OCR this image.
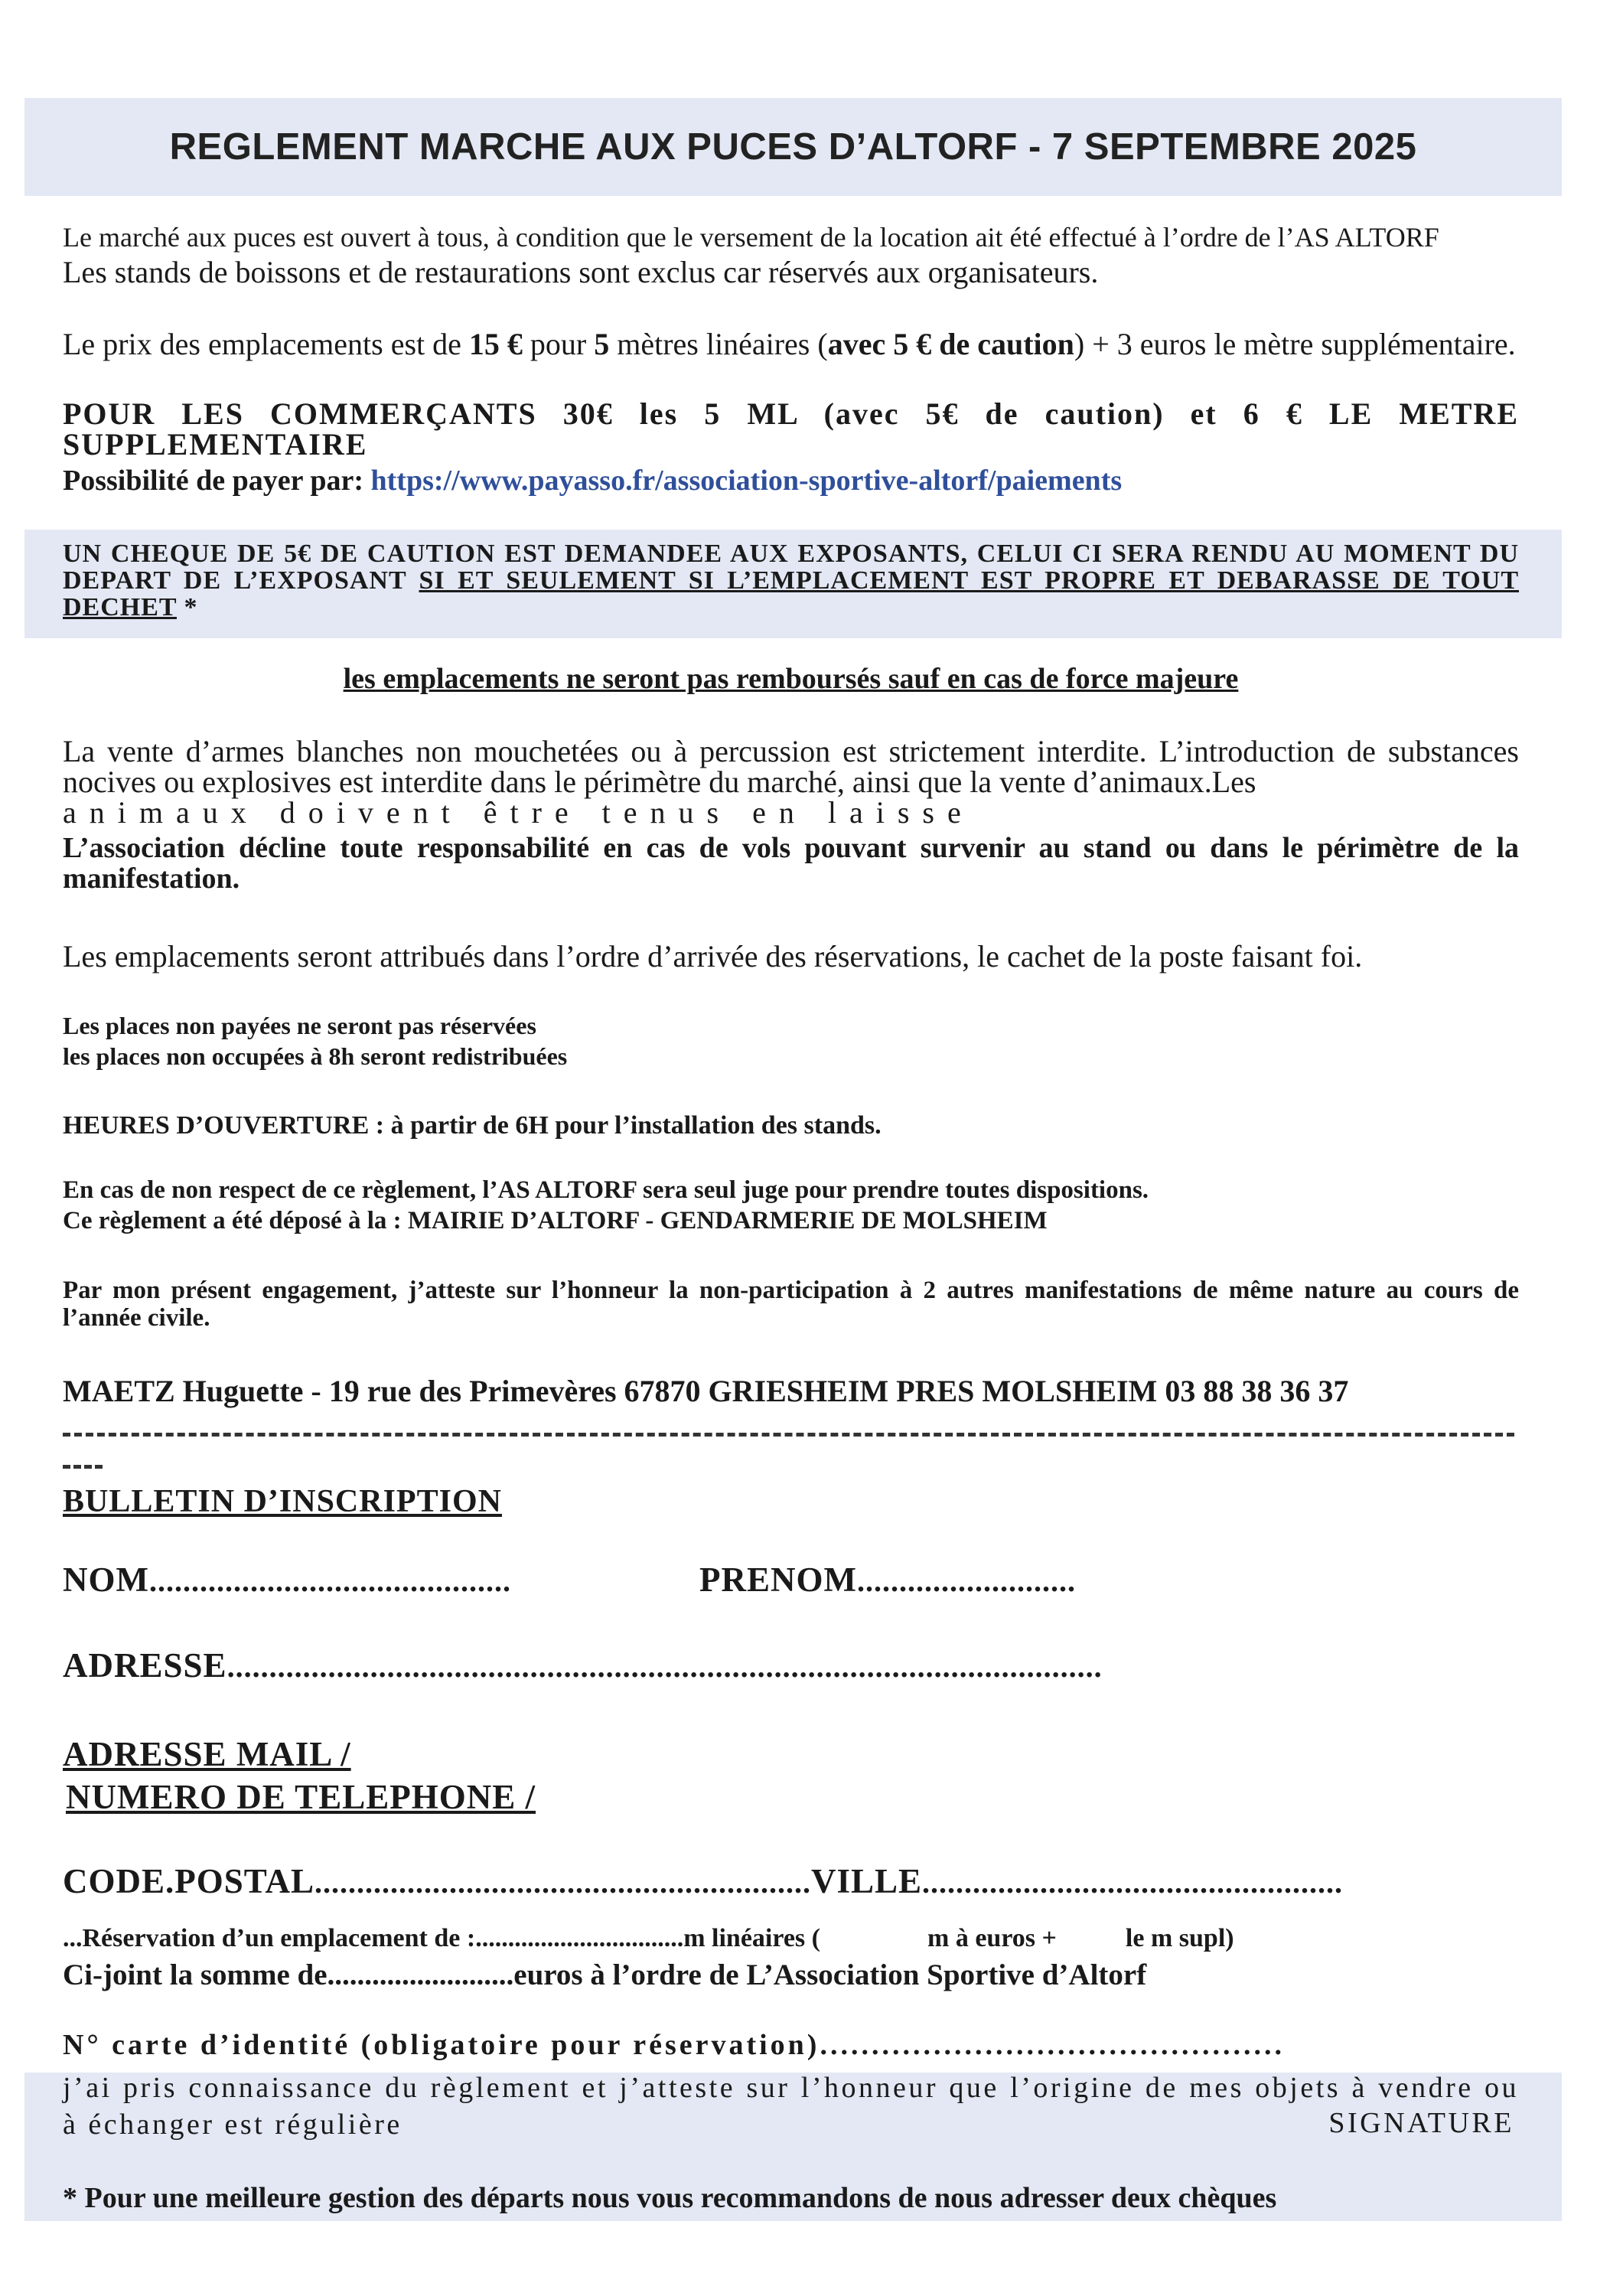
REGLEMENT MARCHE AUX PUCES D’ALTORF - 7 SEPTEMBRE 2025
Le marché aux puces est ouvert à tous, à condition que le versement de la location ait été effectué à l’ordre de l’AS ALTORF
Les stands de boissons et de restaurations sont exclus car réservés aux organisateurs.
Le prix des emplacements est de 15 € pour 5 mètres linéaires (avec 5 € de caution) + 3 euros le mètre supplémentaire.
POUR LES COMMERÇANTS 30€ les 5 ML (avec 5€ de caution) et 6 € LE METRE
SUPPLEMENTAIRE
Possibilité de payer par: https://www.payasso.fr/association-sportive-altorf/paiements
UN CHEQUE DE 5€ DE CAUTION EST DEMANDEE AUX EXPOSANTS, CELUI CI SERA RENDU AU MOMENT DU DEPART DE L’EXPOSANT SI ET SEULEMENT SI L’EMPLACEMENT EST PROPRE ET DEBARASSE DE TOUT DECHET *
les emplacements ne seront pas remboursés sauf en cas de force majeure
La vente d’armes blanches non mouchetées ou à percussion est strictement interdite. L’introduction de substances nocives ou explosives est interdite dans le périmètre du marché, ainsi que la vente d’animaux.Les
animaux doivent être tenus en laisse
L’association décline toute responsabilité en cas de vols pouvant survenir au stand ou dans le périmètre de la manifestation.
Les emplacements seront attribués dans l’ordre d’arrivée des réservations, le cachet de la poste faisant foi.
Les places non payées ne seront pas réservées
les places non occupées à 8h seront redistribuées
HEURES D’OUVERTURE : à partir de 6H pour l’installation des stands.
En cas de non respect de ce règlement, l’AS ALTORF sera seul juge pour prendre toutes dispositions.
Ce règlement a été déposé à la : MAIRIE D’ALTORF - GENDARMERIE DE MOLSHEIM
Par mon présent engagement, j’atteste sur l’honneur la non-participation à 2 autres manifestations de même nature au cours de l’année civile.
MAETZ Huguette - 19 rue des Primevères 67870 GRIESHEIM PRES MOLSHEIM 03 88 38 36 37
BULLETIN D’INSCRIPTION
NOM...........................................	PRENOM..........................
ADRESSE........................................................................................................
ADRESSE MAIL /
NUMERO DE TELEPHONE /
CODE.POSTAL...........................................................VILLE..................................................
...Réservation d’un emplacement de :................................m linéaires (	m à euros +	le m supl)
Ci-joint la somme de.........................euros à l’ordre de L’Association Sportive d’Altorf
N° carte d’identité (obligatoire pour réservation).............................................
j’ai pris connaissance du règlement et j’atteste sur l’honneur que l’origine de mes objets à vendre ou à échanger est régulière	SIGNATURE
* Pour une meilleure gestion des départs nous vous recommandons de nous adresser deux chèques
